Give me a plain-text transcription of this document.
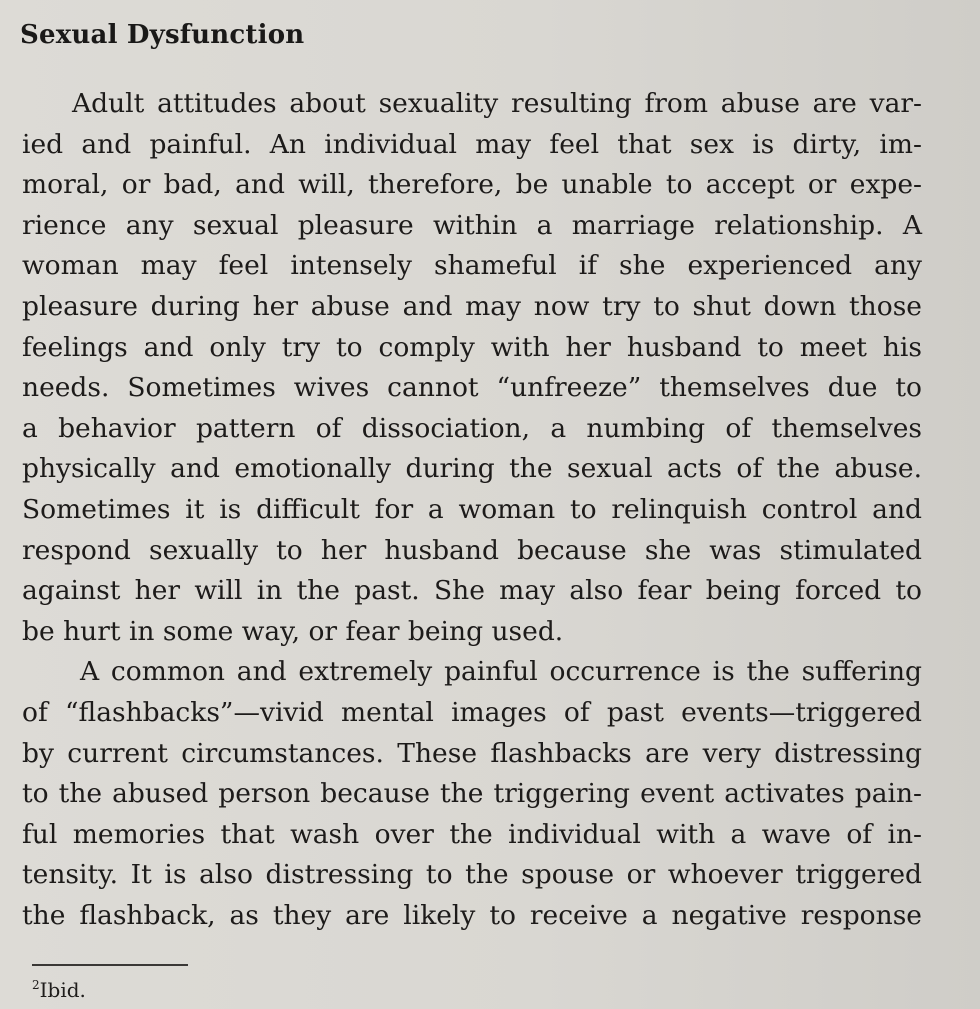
Sexual Dysfunction
Adult attitudes about sexuality resulting from abuse are var-
ied and painful. An individual may feel that sex is dirty, im-
moral, or bad, and will, therefore, be unable to accept or expe-
rience any sexual pleasure within a marriage relationship. A
woman may feel intensely shameful if she experienced any
pleasure during her abuse and may now try to shut down those
feelings and only try to comply with her husband to meet his
needs. Sometimes wives cannot “unfreeze” themselves due to
a behavior pattern of dissociation, a numbing of themselves
physically and emotionally during the sexual acts of the abuse.
Sometimes it is difficult for a woman to relinquish control and
respond sexually to her husband because she was stimulated
against her will in the past. She may also fear being forced to
be hurt in some way, or fear being used.
A common and extremely painful occurrence is the suffering
of “flashbacks”—vivid mental images of past events—triggered
by current circumstances. These flashbacks are very distressing
to the abused person because the triggering event activates pain-
ful memories that wash over the individual with a wave of in-
tensity. It is also distressing to the spouse or whoever triggered
the flashback, as they are likely to receive a negative response
$^2$Ibid.
